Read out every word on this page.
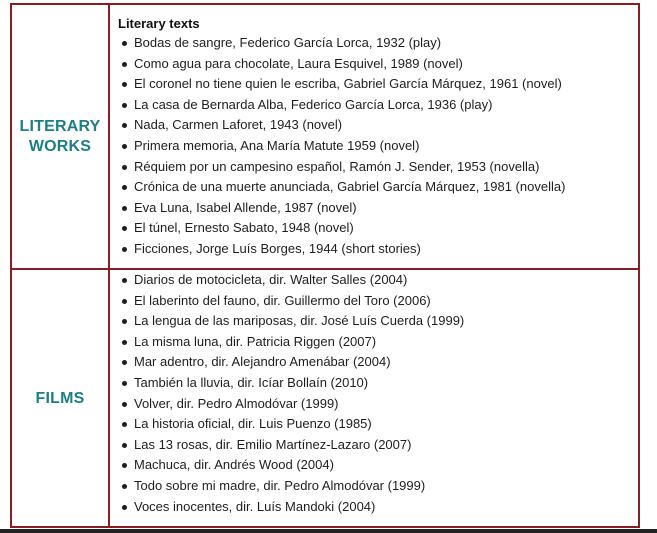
LITERARY
WORKS
Literary texts
Bodas de sangre, Federico García Lorca, 1932 (play)
Como agua para chocolate, Laura Esquivel, 1989 (novel)
El coronel no tiene quien le escriba, Gabriel García Márquez, 1961 (novel)
La casa de Bernarda Alba, Federico García Lorca, 1936 (play)
Nada, Carmen Laforet, 1943 (novel)
Primera memoria, Ana María Matute 1959 (novel)
Réquiem por un campesino español, Ramón J. Sender, 1953 (novella)
Crónica de una muerte anunciada, Gabriel García Márquez, 1981 (novella)
Eva Luna, Isabel Allende, 1987 (novel)
El túnel, Ernesto Sabato, 1948 (novel)
Ficciones, Jorge Luís Borges, 1944 (short stories)
FILMS
Diarios de motocicleta, dir. Walter Salles (2004)
El laberinto del fauno, dir. Guillermo del Toro (2006)
La lengua de las mariposas, dir. José Luís Cuerda (1999)
La misma luna, dir. Patricia Riggen (2007)
Mar adentro, dir. Alejandro Amenábar (2004)
También la lluvia, dir. Icíar Bollaín (2010)
Volver, dir. Pedro Almodóvar (1999)
La historia oficial, dir. Luis Puenzo (1985)
Las 13 rosas, dir. Emilio Martínez-Lazaro (2007)
Machuca, dir. Andrés Wood (2004)
Todo sobre mi madre, dir. Pedro Almodóvar (1999)
Voces inocentes, dir. Luís Mandoki (2004)
